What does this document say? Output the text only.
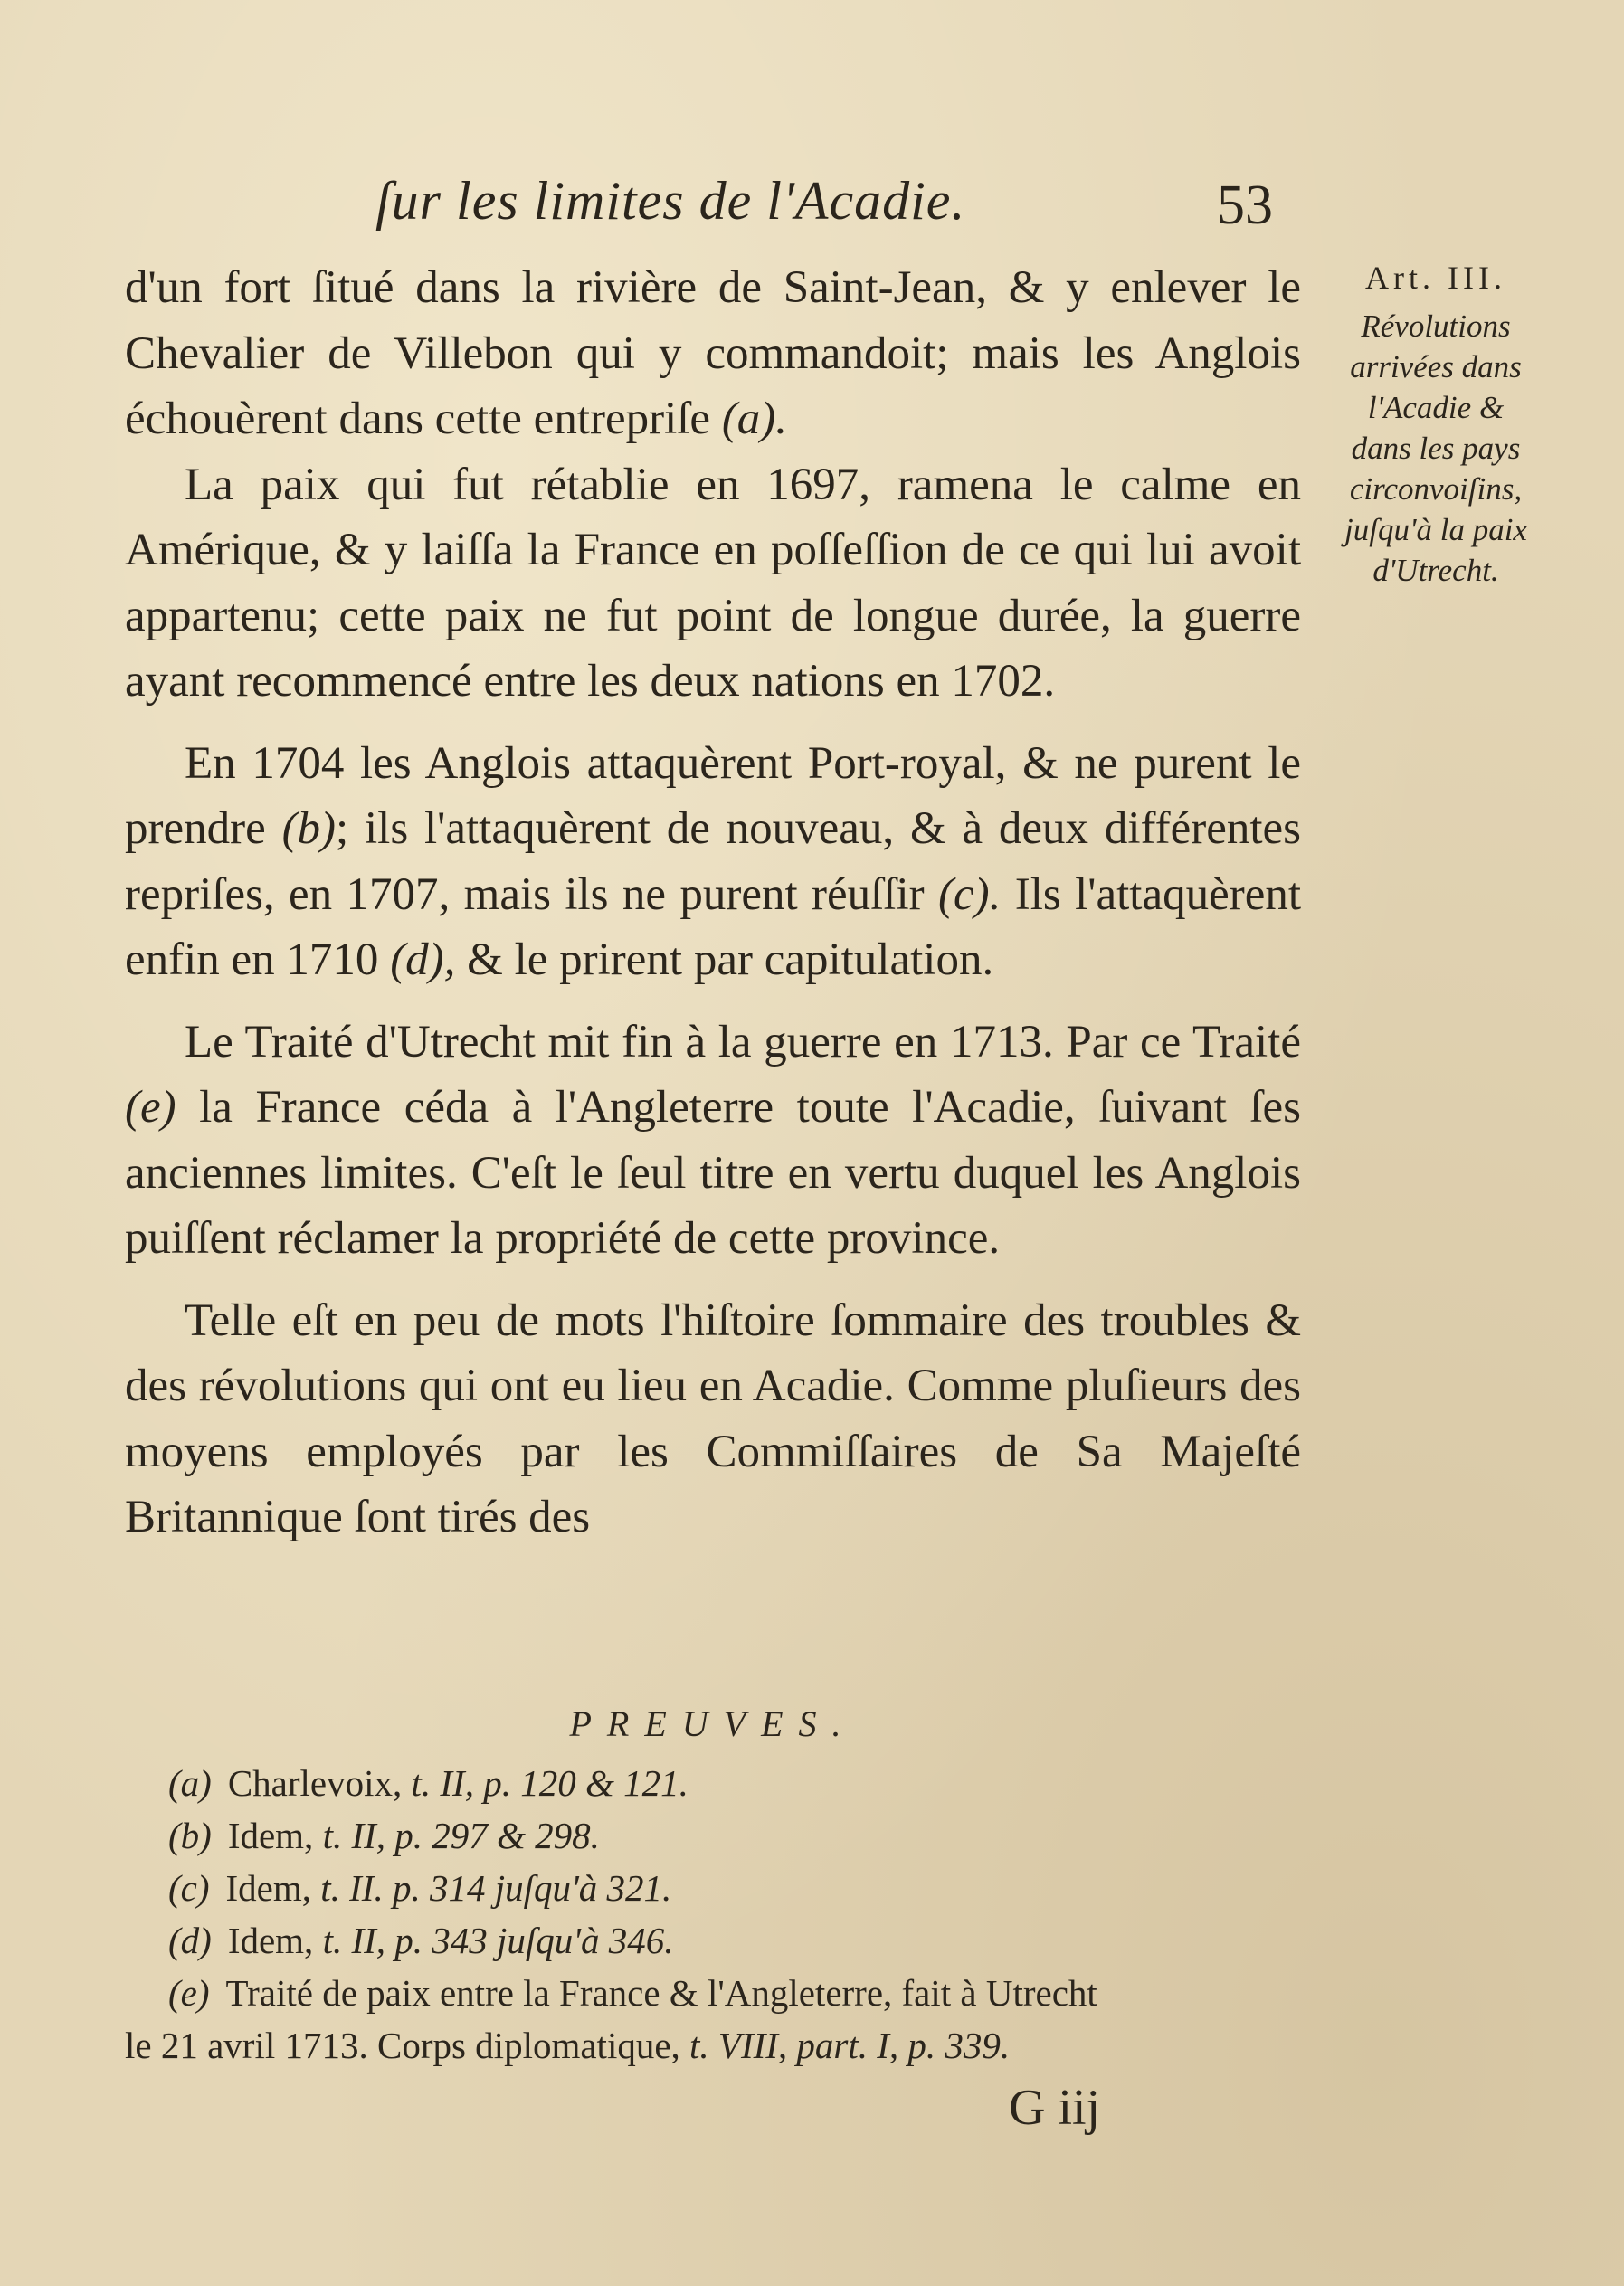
ſur les limites de l'Acadie.	53

d'un fort ſitué dans la rivière de Saint-Jean, & y enlever le Chevalier de Villebon qui y commandoit; mais les Anglois échouèrent dans cette entrepriſe (a).

La paix qui fut rétablie en 1697, ramena le calme en Amérique, & y laiſſa la France en poſſeſſion de ce qui lui avoit appartenu; cette paix ne fut point de longue durée, la guerre ayant recommencé entre les deux nations en 1702.

En 1704 les Anglois attaquèrent Port-royal, & ne purent le prendre (b); ils l'attaquèrent de nouveau, & à deux différentes repriſes, en 1707, mais ils ne purent réuſſir (c). Ils l'attaquèrent enfin en 1710 (d), & le prirent par capitulation.

Le Traité d'Utrecht mit fin à la guerre en 1713. Par ce Traité (e) la France céda à l'Angleterre toute l'Acadie, ſuivant ſes anciennes limites. C'eſt le ſeul titre en vertu duquel les Anglois puiſſent réclamer la propriété de cette province.

Telle eſt en peu de mots l'hiſtoire ſommaire des troubles & des révolutions qui ont eu lieu en Acadie. Comme pluſieurs des moyens employés par les Commiſſaires de Sa Majeſté Britannique ſont tirés des

Art. III.
Révolutions
arrivées dans
l'Acadie &
dans les pays
circonvoiſins,
juſqu'à la paix
d'Utrecht.
PREUVES.
(a) Charlevoix, t. II, p. 120 & 121.
(b) Idem, t. II, p. 297 & 298.
(c) Idem, t. II. p. 314 juſqu'à 321.
(d) Idem, t. II, p. 343 juſqu'à 346.
(e) Traité de paix entre la France & l'Angleterre, fait à Utrecht
le 21 avril 1713. Corps diplomatique, t. VIII, part. I, p. 339.
G iij
